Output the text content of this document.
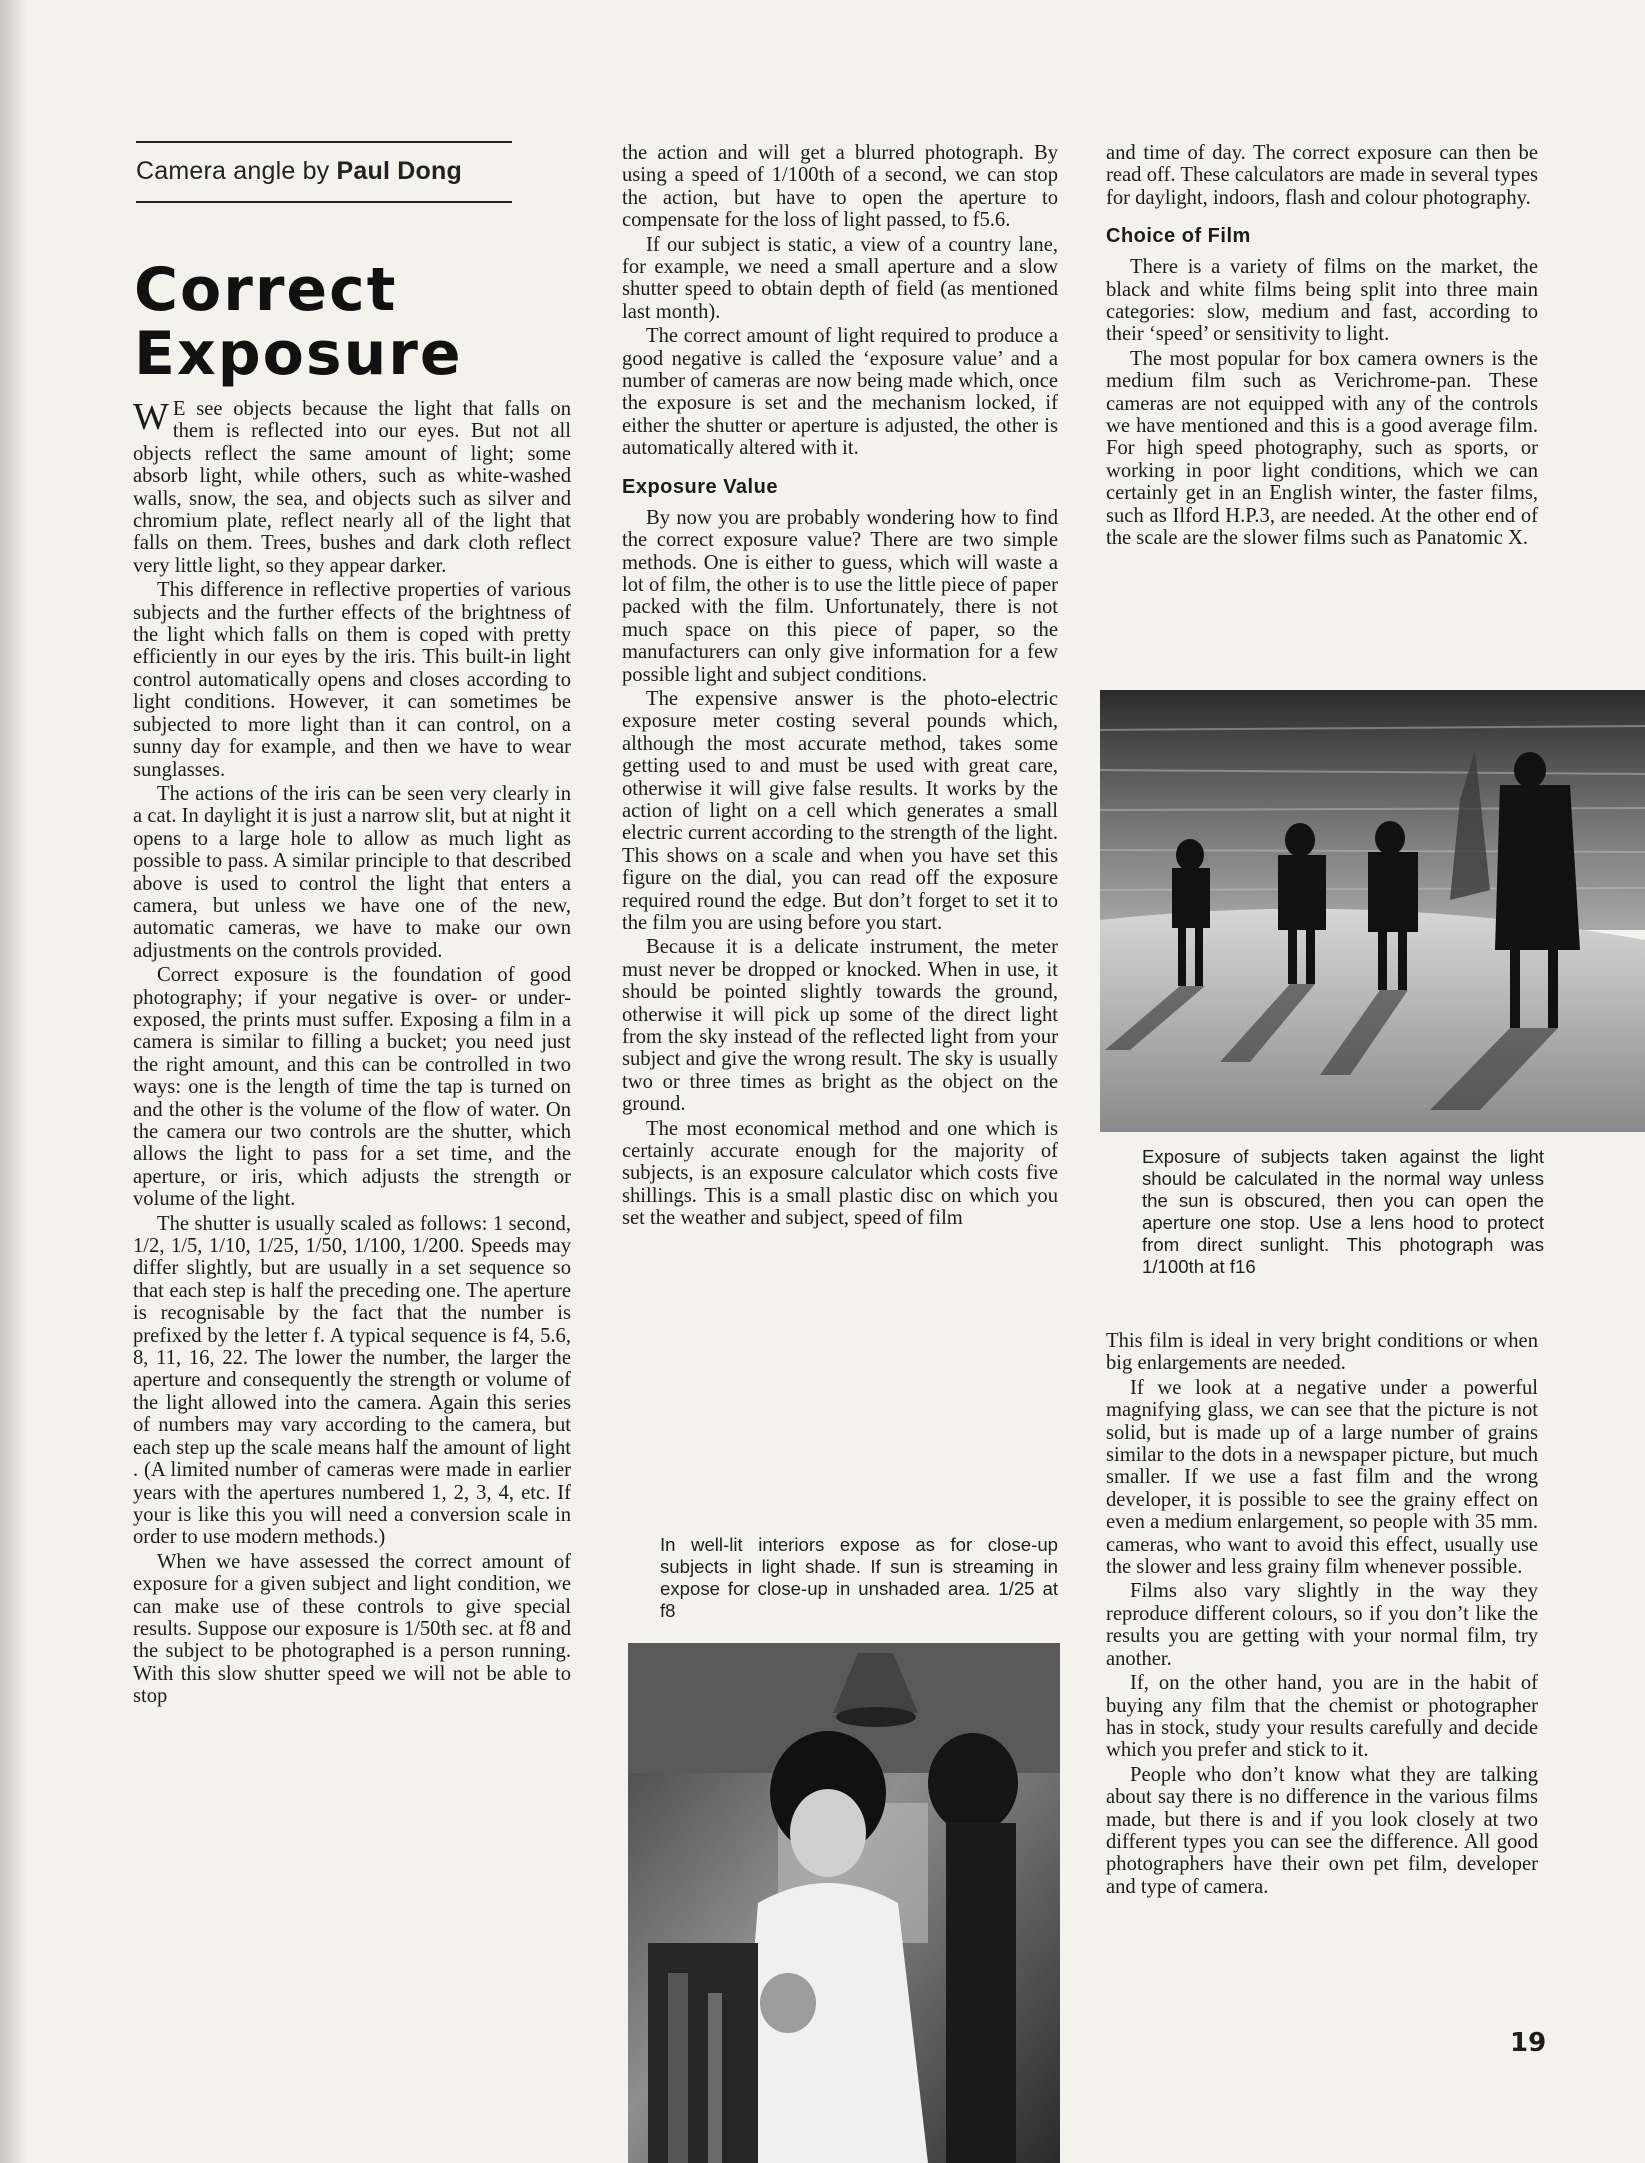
Camera angle by Paul Dong
Correct
Exposure

W E see objects because the light that falls on them is reflected into our eyes. But not all objects reflect the same amount of light; some absorb light, while others, such as white-washed walls, snow, the sea, and objects such as silver and chromium plate, reflect nearly all of the light that falls on them. Trees, bushes and dark cloth reflect very little light, so they appear darker.

This difference in reflective properties of various subjects and the further effects of the brightness of the light which falls on them is coped with pretty efficiently in our eyes by the iris. This built-in light control automatically opens and closes according to light conditions. However, it can sometimes be subjected to more light than it can control, on a sunny day for example, and then we have to wear sunglasses.

The actions of the iris can be seen very clearly in a cat. In daylight it is just a narrow slit, but at night it opens to a large hole to allow as much light as possible to pass. A similar principle to that described above is used to control the light that enters a camera, but unless we have one of the new, automatic cameras, we have to make our own adjustments on the controls provided.

Correct exposure is the foundation of good photography; if your negative is over- or under-exposed, the prints must suffer. Exposing a film in a camera is similar to filling a bucket; you need just the right amount, and this can be controlled in two ways: one is the length of time the tap is turned on and the other is the volume of the flow of water. On the camera our two controls are the shutter, which allows the light to pass for a set time, and the aperture, or iris, which adjusts the strength or volume of the light.

The shutter is usually scaled as follows: 1 second, 1/2, 1/5, 1/10, 1/25, 1/50, 1/100, 1/200. Speeds may differ slightly, but are usually in a set sequence so that each step is half the preceding one. The aperture is recognisable by the fact that the number is prefixed by the letter f. A typical sequence is f4, 5.6, 8, 11, 16, 22. The lower the number, the larger the aperture and consequently the strength or volume of the light allowed into the camera. Again this series of numbers may vary according to the camera, but each step up the scale means half the amount of light . (A limited number of cameras were made in earlier years with the apertures numbered 1, 2, 3, 4, etc. If your is like this you will need a conversion scale in order to use modern methods.)

When we have assessed the correct amount of exposure for a given subject and light condition, we can make use of these controls to give special results. Suppose our exposure is 1/50th sec. at f8 and the subject to be photographed is a person running. With this slow shutter speed we will not be able to stop

the action and will get a blurred photograph. By using a speed of 1/100th of a second, we can stop the action, but have to open the aperture to compensate for the loss of light passed, to f5.6.

If our subject is static, a view of a country lane, for example, we need a small aperture and a slow shutter speed to obtain depth of field (as mentioned last month).

The correct amount of light required to produce a good negative is called the ‘exposure value’ and a number of cameras are now being made which, once the exposure is set and the mechanism locked, if either the shutter or aperture is adjusted, the other is automatically altered with it.

Exposure Value

By now you are probably wondering how to find the correct exposure value? There are two simple methods. One is either to guess, which will waste a lot of film, the other is to use the little piece of paper packed with the film. Unfortunately, there is not much space on this piece of paper, so the manufacturers can only give information for a few possible light and subject conditions.

The expensive answer is the photo-electric exposure meter costing several pounds which, although the most accurate method, takes some getting used to and must be used with great care, otherwise it will give false results. It works by the action of light on a cell which generates a small electric current according to the strength of the light. This shows on a scale and when you have set this figure on the dial, you can read off the exposure required round the edge. But don’t forget to set it to the film you are using before you start.

Because it is a delicate instrument, the meter must never be dropped or knocked. When in use, it should be pointed slightly towards the ground, otherwise it will pick up some of the direct light from the sky instead of the reflected light from your subject and give the wrong result. The sky is usually two or three times as bright as the object on the ground.

The most economical method and one which is certainly accurate enough for the majority of subjects, is an exposure calculator which costs five shillings. This is a small plastic disc on which you set the weather and subject, speed of film

In well-lit interiors expose as for close-up subjects in light shade. If sun is streaming in expose for close-up in unshaded area. 1/25 at f8

and time of day. The correct exposure can then be read off. These calculators are made in several types for daylight, indoors, flash and colour photography.

Choice of Film

There is a variety of films on the market, the black and white films being split into three main categories: slow, medium and fast, according to their ‘speed’ or sensitivity to light.

The most popular for box camera owners is the medium film such as Verichrome-pan. These cameras are not equipped with any of the controls we have mentioned and this is a good average film. For high speed photography, such as sports, or working in poor light conditions, which we can certainly get in an English winter, the faster films, such as Ilford H.P.3, are needed. At the other end of the scale are the slower films such as Panatomic X.

Exposure of subjects taken against the light should be calculated in the normal way unless the sun is obscured, then you can open the aperture one stop. Use a lens hood to protect from direct sunlight. This photograph was 1/100th at f16

This film is ideal in very bright conditions or when big enlargements are needed.

If we look at a negative under a powerful magnifying glass, we can see that the picture is not solid, but is made up of a large number of grains similar to the dots in a newspaper picture, but much smaller. If we use a fast film and the wrong developer, it is possible to see the grainy effect on even a medium enlargement, so people with 35 mm. cameras, who want to avoid this effect, usually use the slower and less grainy film whenever possible.

Films also vary slightly in the way they reproduce different colours, so if you don’t like the results you are getting with your normal film, try another.

If, on the other hand, you are in the habit of buying any film that the chemist or photographer has in stock, study your results carefully and decide which you prefer and stick to it.

People who don’t know what they are talking about say there is no difference in the various films made, but there is and if you look closely at two different types you can see the difference. All good photographers have their own pet film, developer and type of camera.

19
